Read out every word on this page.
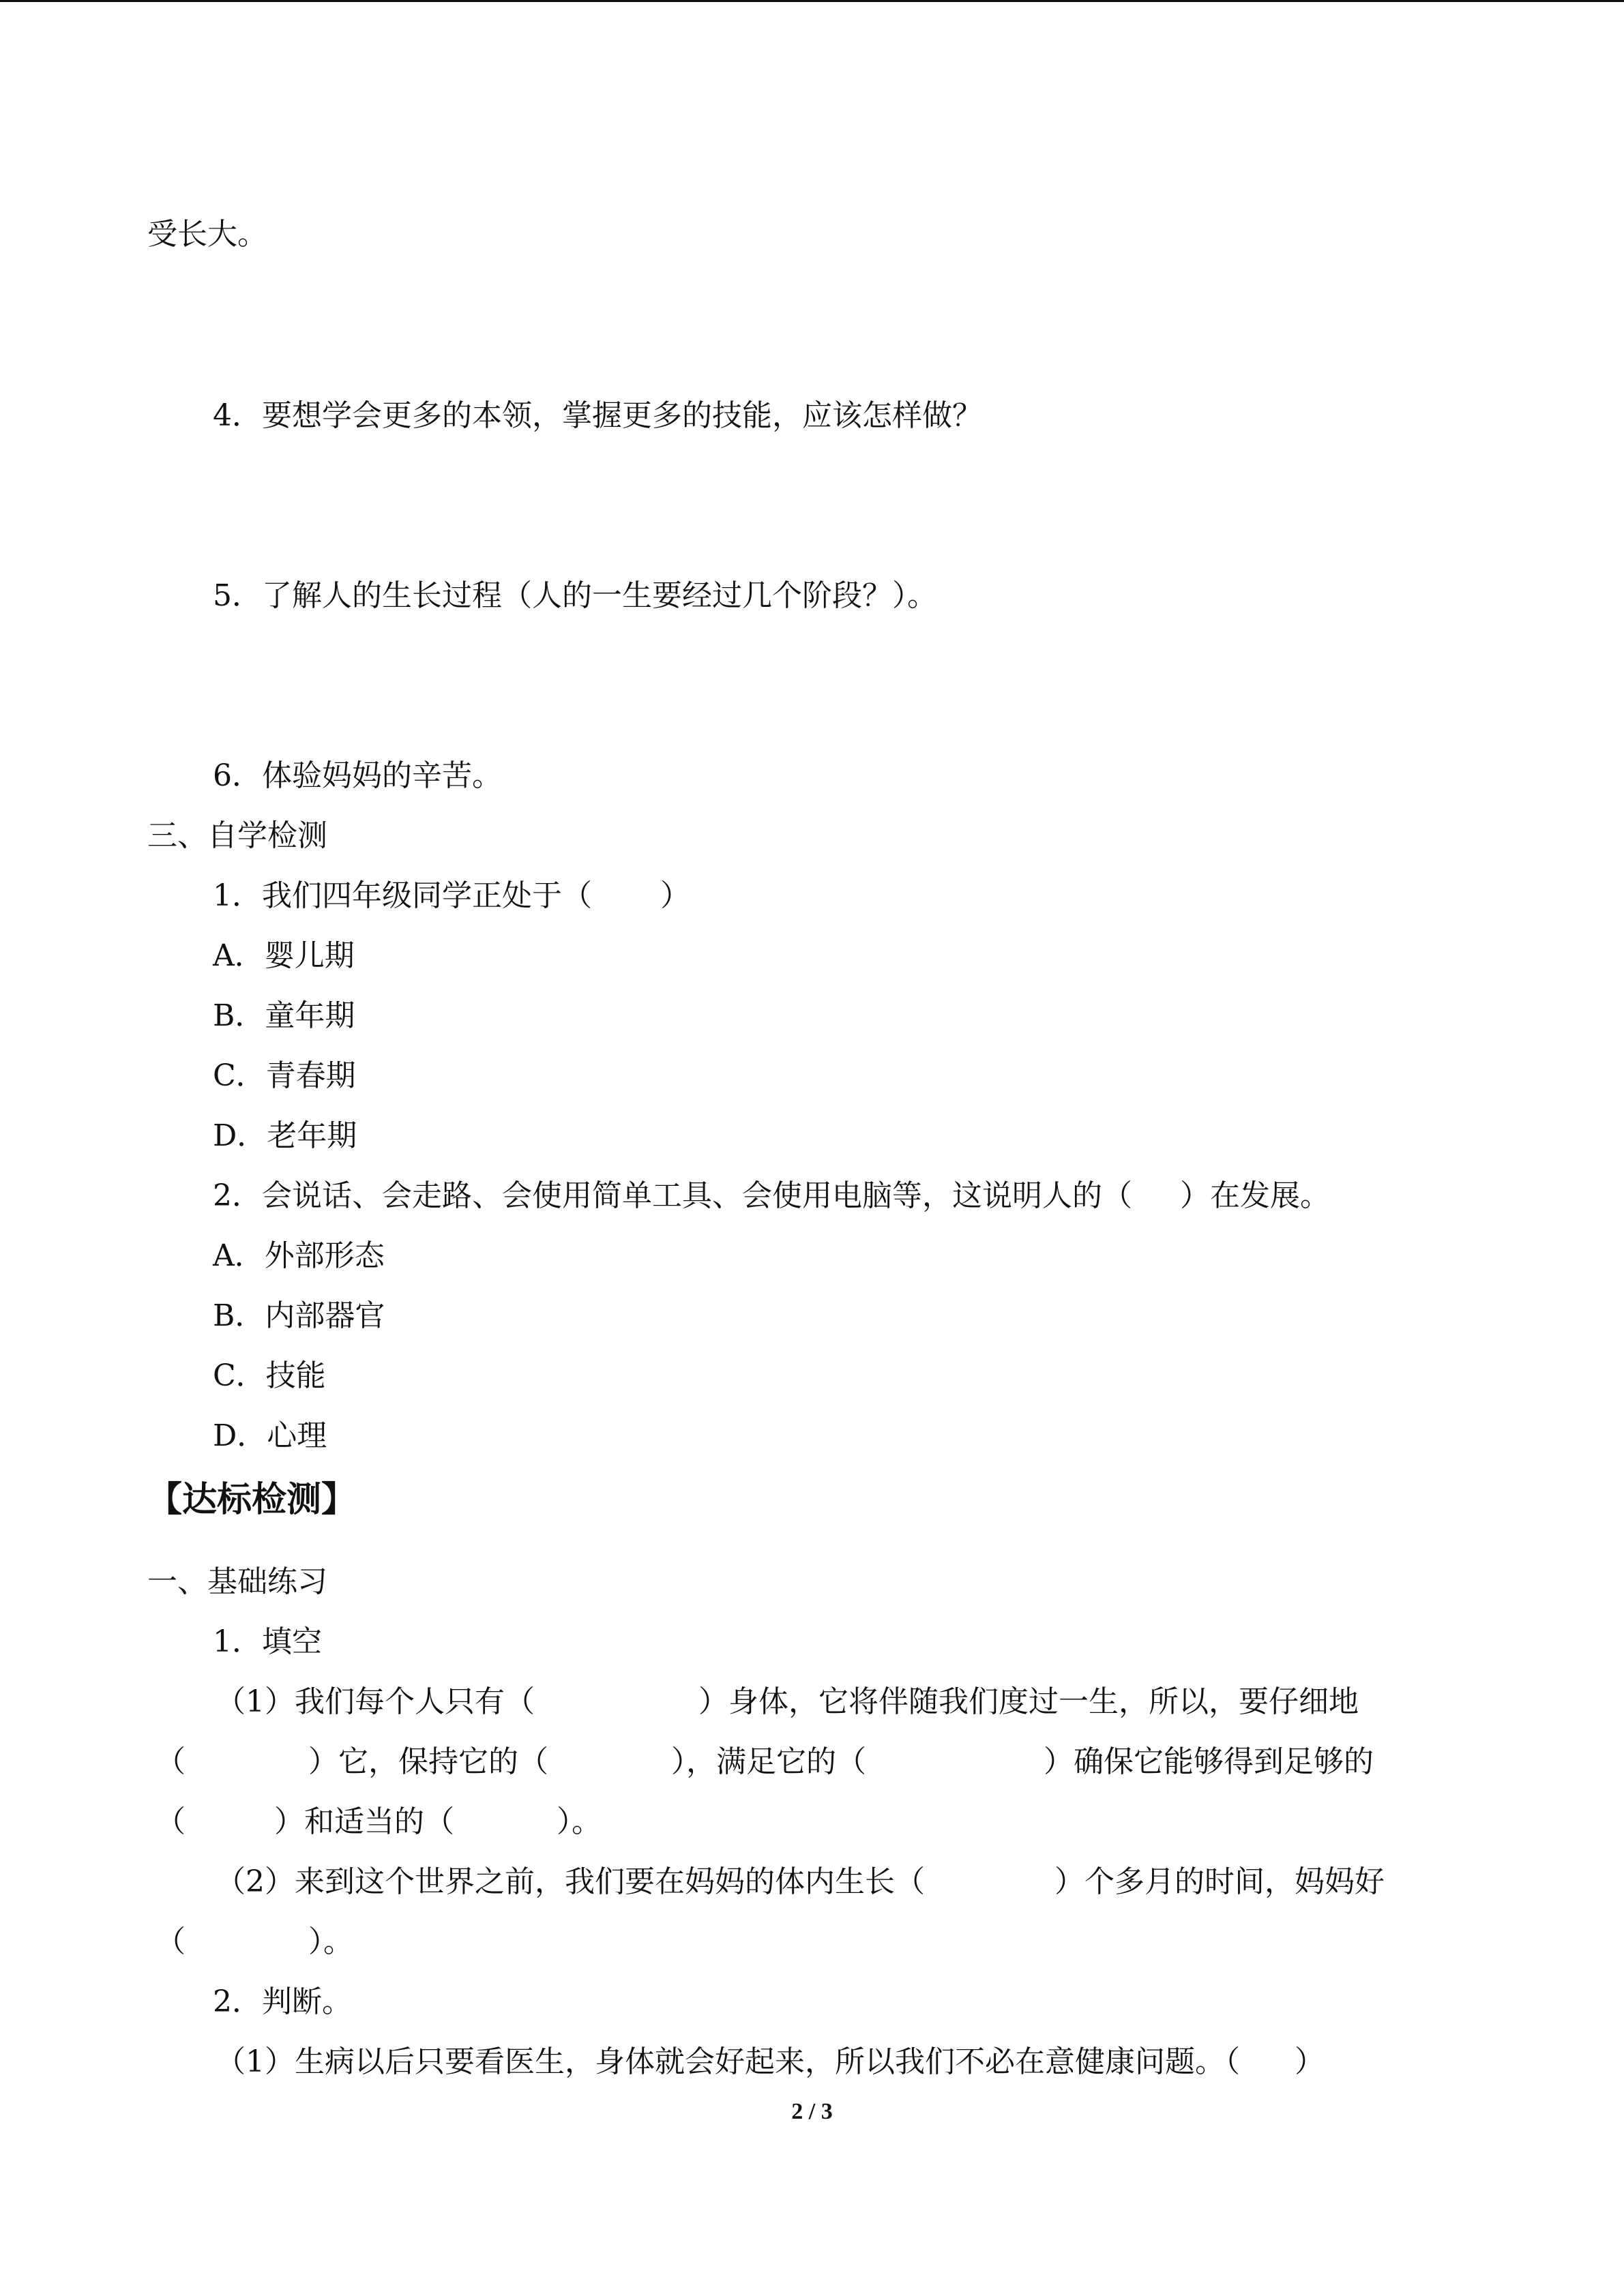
受长大。
4．要想学会更多的本领，掌握更多的技能，应该怎样做？
5．了解人的生长过程（人的一生要经过几个阶段？）。
6．体验妈妈的辛苦。
三、自学检测
1．我们四年级同学正处于（ ）
A．婴儿期
B．童年期
C．青春期
D．老年期
2．会说话、会走路、会使用简单工具、会使用电脑等，这说明人的（ ）在发展。
A．外部形态
B．内部器官
C．技能
D．心理
【达标检测】
一、基础练习
1．填空
（1）我们每个人只有（	）身体，它将伴随我们度过一生，所以，要仔细地
（	）它，保持它的（	），满足它的（	）确保它能够得到足够的
（	）和适当的（	）。
（2）来到这个世界之前，我们要在妈妈的体内生长（	）个多月的时间，妈妈好
（	）。
2．判断。
（1）生病以后只要看医生，身体就会好起来，所以我们不必在意健康问题。（ ）
2 / 3
